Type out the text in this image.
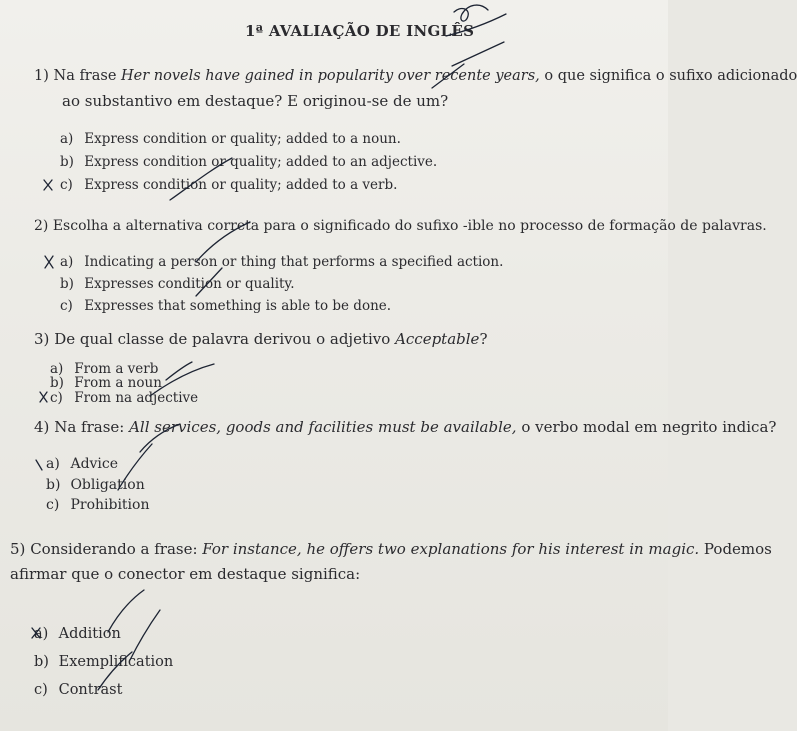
1ª AVALIAÇÃO DE INGLÊS
1) Na frase Her novels have gained in popularity over recente years, o que significa o sufixo adicionado
ao substantivo em destaque? E originou-se de um?
a) Express condition or quality; added to a noun.
b) Express condition or quality; added to an adjective.
c) Express condition or quality; added to a verb.
2) Escolha a alternativa correta para o significado do sufixo -ible no processo de formação de palavras.
a) Indicating a person or thing that performs a specified action.
b) Expresses condition or quality.
c) Expresses that something is able to be done.
3) De qual classe de palavra derivou o adjetivo Acceptable?
a) From a verb
b) From a noun
c) From na adjective
4) Na frase: All services, goods and facilities must be available, o verbo modal em negrito indica?
a) Advice
b) Obligation
c) Prohibition
5) Considerando a frase: For instance, he offers two explanations for his interest in magic. Podemos
afirmar que o conector em destaque significa:
a) Addition
b) Exemplification
c) Contrast
